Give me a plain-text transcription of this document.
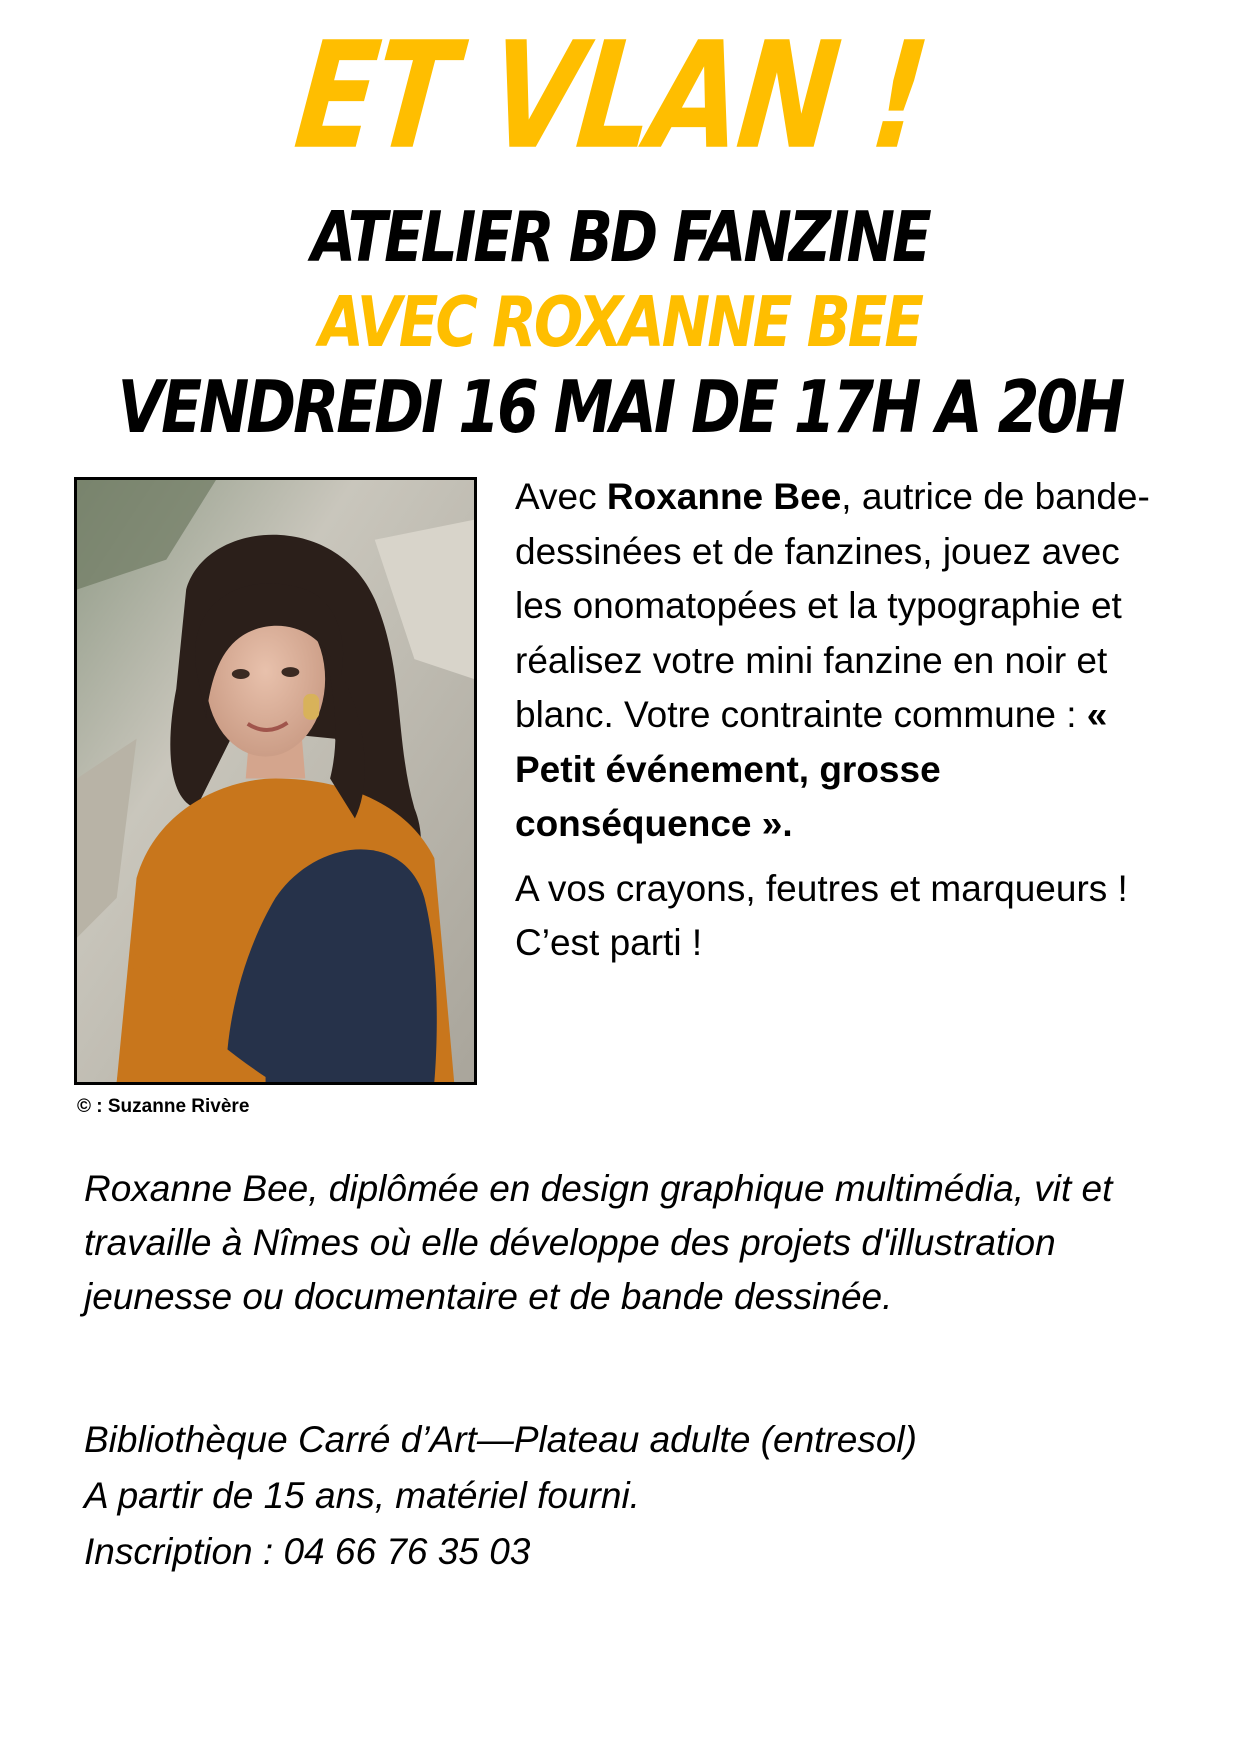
ET VLAN !
ATELIER BD FANZINE
AVEC ROXANNE BEE
VENDREDI 16 MAI DE 17H A 20H
© : Suzanne Rivère

Avec Roxanne Bee, autrice de bande-dessinées et de fanzines, jouez avec les onomatopées et la typographie et réalisez votre mini fanzine en noir et blanc. Votre contrainte commune : « Petit événement, grosse conséquence ».

A vos crayons, feutres et marqueurs ! C’est parti !

Roxanne Bee, diplômée en design graphique multimédia, vit et travaille à Nîmes où elle développe des projets d'illustration jeunesse ou documentaire et de bande dessinée.

Bibliothèque Carré d’Art—Plateau adulte (entresol)
A partir de 15 ans, matériel fourni.
Inscription : 04 66 76 35 03
